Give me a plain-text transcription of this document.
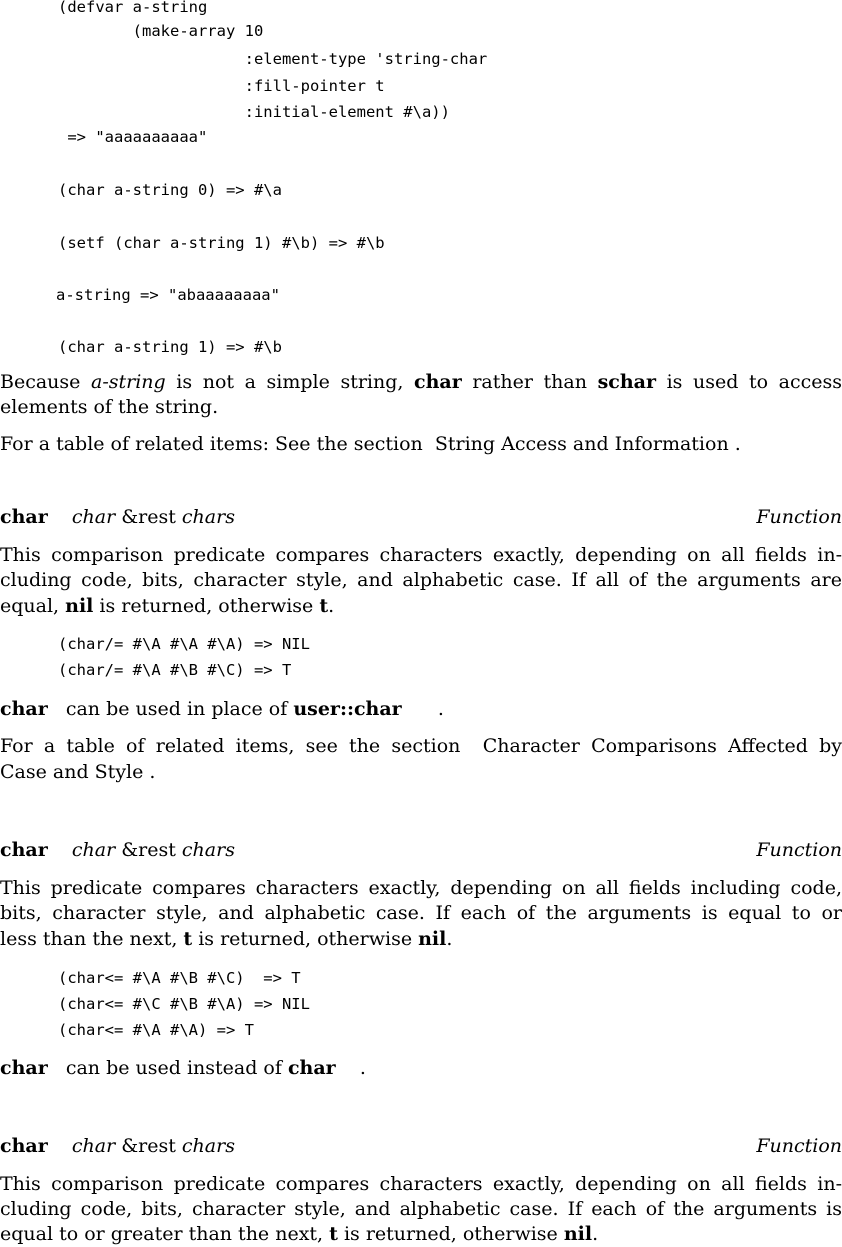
(defvar a-string
(make-array 10
:element-type 'string-char
:fill-pointer t
:initial-element #\a))
=> "aaaaaaaaaa"
(char a-string 0) => #\a
(setf (char a-string 1) #\b) => #\b
a-string => "abaaaaaaaa"
(char a-string 1) => #\b
Because a-string is not a simple string, char rather than schar is used to access
elements of the string.
For a table of related items: See the section  String Access and Information .
char char &rest chars	Function
This comparison predicate compares characters exactly, depending on all fields in-
cluding code, bits, character style, and alphabetic case. If all of the arguments are
equal, nil is returned, otherwise t.
(char/= #\A #\A #\A) => NIL
(char/= #\A #\B #\C) => T
char   can be used in place of user::char      .
For a table of related items, see the section  Character Comparisons Affected by
Case and Style .
char char &rest chars	Function
This predicate compares characters exactly, depending on all fields including code,
bits, character style, and alphabetic case. If each of the arguments is equal to or
less than the next, t is returned, otherwise nil.
(char<= #\A #\B #\C)  => T
(char<= #\C #\B #\A) => NIL
(char<= #\A #\A) => T
char   can be used instead of char    .
char char &rest chars	Function
This comparison predicate compares characters exactly, depending on all fields in-
cluding code, bits, character style, and alphabetic case. If each of the arguments is
equal to or greater than the next, t is returned, otherwise nil.
